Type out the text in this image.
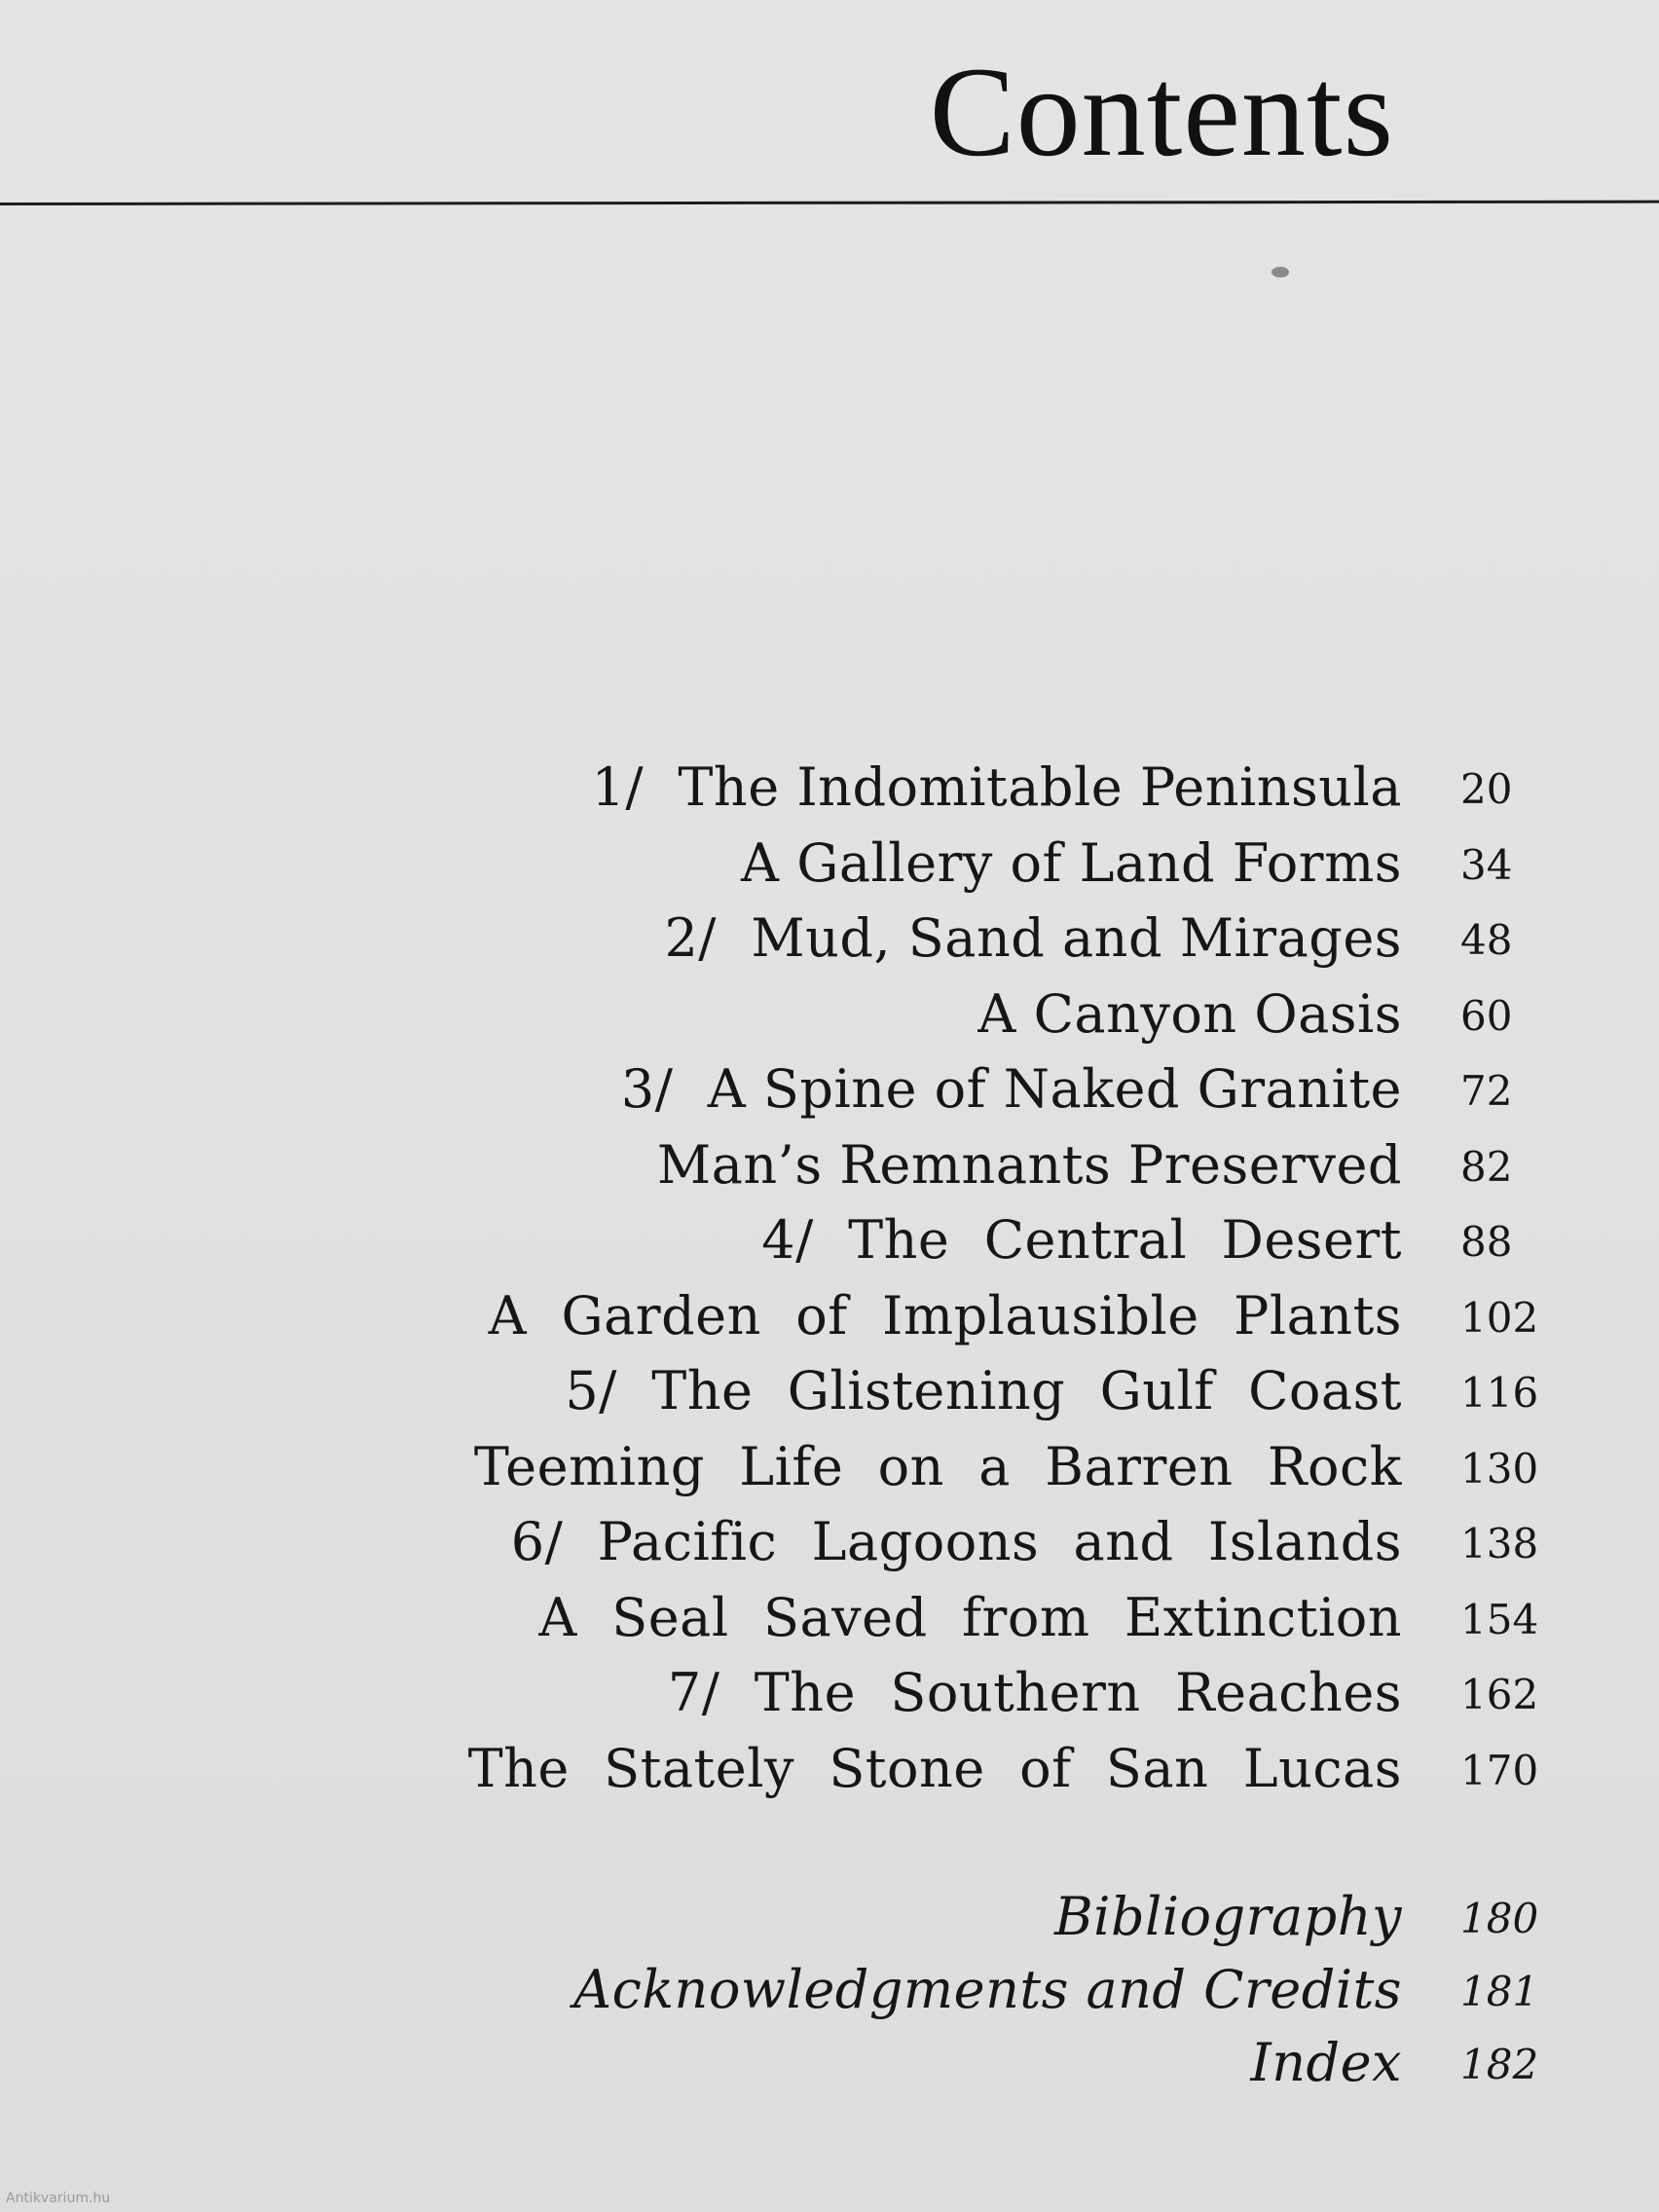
Contents
1/  The Indomitable Peninsula 20
A Gallery of Land Forms 34
2/  Mud, Sand and Mirages 48
A Canyon Oasis 60
3/  A Spine of Naked Granite 72
Man’s Remnants Preserved 82
4/  The  Central  Desert 88
A  Garden  of  Implausible  Plants 102
5/  The  Glistening  Gulf  Coast 116
Teeming  Life  on  a  Barren  Rock 130
6/  Pacific  Lagoons  and  Islands 138
A  Seal  Saved  from  Extinction 154
7/  The  Southern  Reaches 162
The  Stately  Stone  of  San  Lucas 170
Bibliography 180
Acknowledgments and Credits 181
Index 182
Antikvarium.hu
